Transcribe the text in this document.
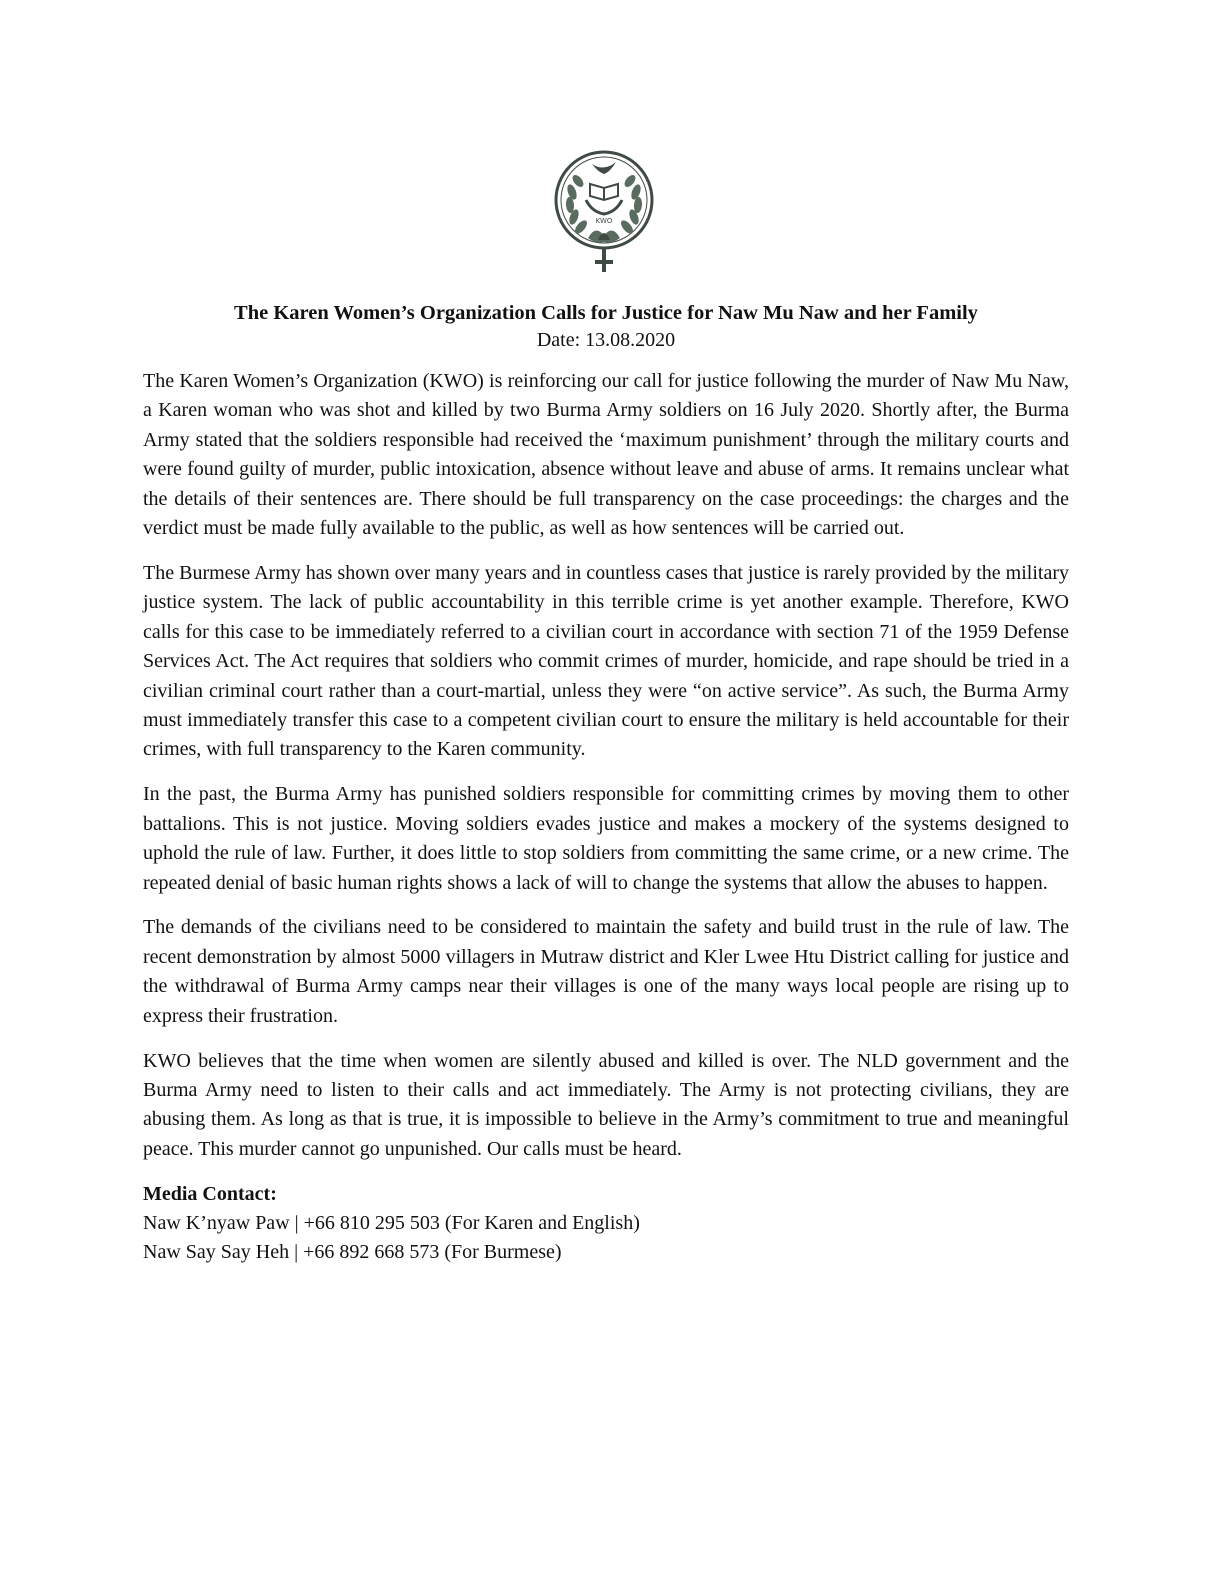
KWO
The Karen Women’s Organization Calls for Justice for Naw Mu Naw and her Family

Date: 13.08.2020

The Karen Women’s Organization (KWO) is reinforcing our call for justice following the murder of Naw Mu Naw, a Karen woman who was shot and killed by two Burma Army soldiers on 16 July 2020. Shortly after, the Burma Army stated that the soldiers responsible had received the ‘maximum punishment’ through the military courts and were found guilty of murder, public intoxication, absence without leave and abuse of arms. It remains unclear what the details of their sentences are. There should be full transparency on the case proceedings: the charges and the verdict must be made fully available to the public, as well as how sentences will be carried out.

The Burmese Army has shown over many years and in countless cases that justice is rarely provided by the military justice system. The lack of public accountability in this terrible crime is yet another example. Therefore, KWO calls for this case to be immediately referred to a civilian court in accordance with section 71 of the 1959 Defense Services Act. The Act requires that soldiers who commit crimes of murder, homicide, and rape should be tried in a civilian criminal court rather than a court-martial, unless they were “on active service”. As such, the Burma Army must immediately transfer this case to a competent civilian court to ensure the military is held accountable for their crimes, with full transparency to the Karen community.

In the past, the Burma Army has punished soldiers responsible for committing crimes by moving them to other battalions. This is not justice. Moving soldiers evades justice and makes a mockery of the systems designed to uphold the rule of law. Further, it does little to stop soldiers from committing the same crime, or a new crime. The repeated denial of basic human rights shows a lack of will to change the systems that allow the abuses to happen.

The demands of the civilians need to be considered to maintain the safety and build trust in the rule of law. The recent demonstration by almost 5000 villagers in Mutraw district and Kler Lwee Htu District calling for justice and the withdrawal of Burma Army camps near their villages is one of the many ways local people are rising up to express their frustration.

KWO believes that the time when women are silently abused and killed is over. The NLD government and the Burma Army need to listen to their calls and act immediately. The Army is not protecting civilians, they are abusing them. As long as that is true, it is impossible to believe in the Army’s commitment to true and meaningful peace. This murder cannot go unpunished. Our calls must be heard.

Media Contact:

Naw K’nyaw Paw | +66 810 295 503 (For Karen and English)

Naw Say Say Heh | +66 892 668 573 (For Burmese)
